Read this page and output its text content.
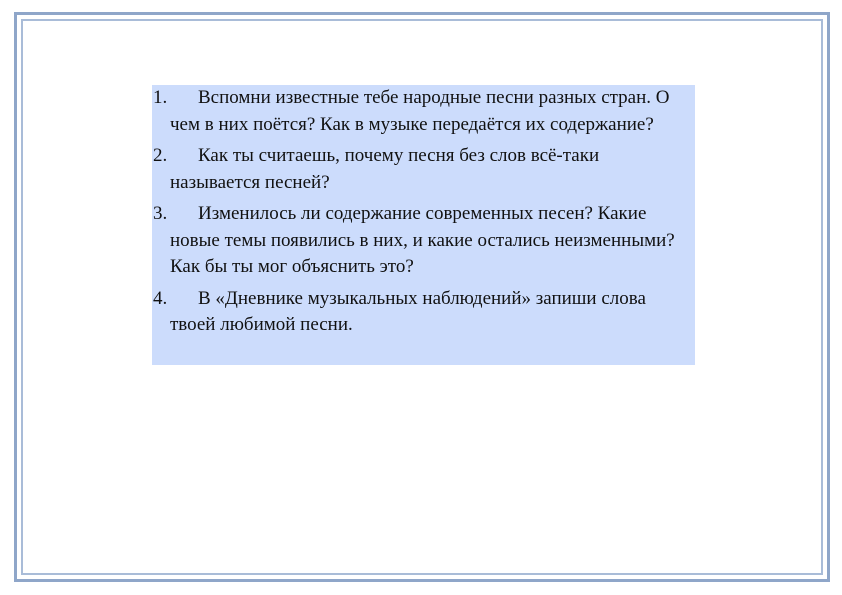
1.	Вспомни известные тебе народные песни разных стран. О чем в них поётся? Как в музыке передаётся их содержание?
2.	Как ты считаешь, почему песня без слов всё-таки называется песней?
3.	Изменилось ли содержание современных песен? Какие новые темы появились в них, и какие остались неизменными? Как бы ты мог объяснить это?
4.	В «Дневнике музыкальных наблюдений» запиши слова твоей любимой песни.
